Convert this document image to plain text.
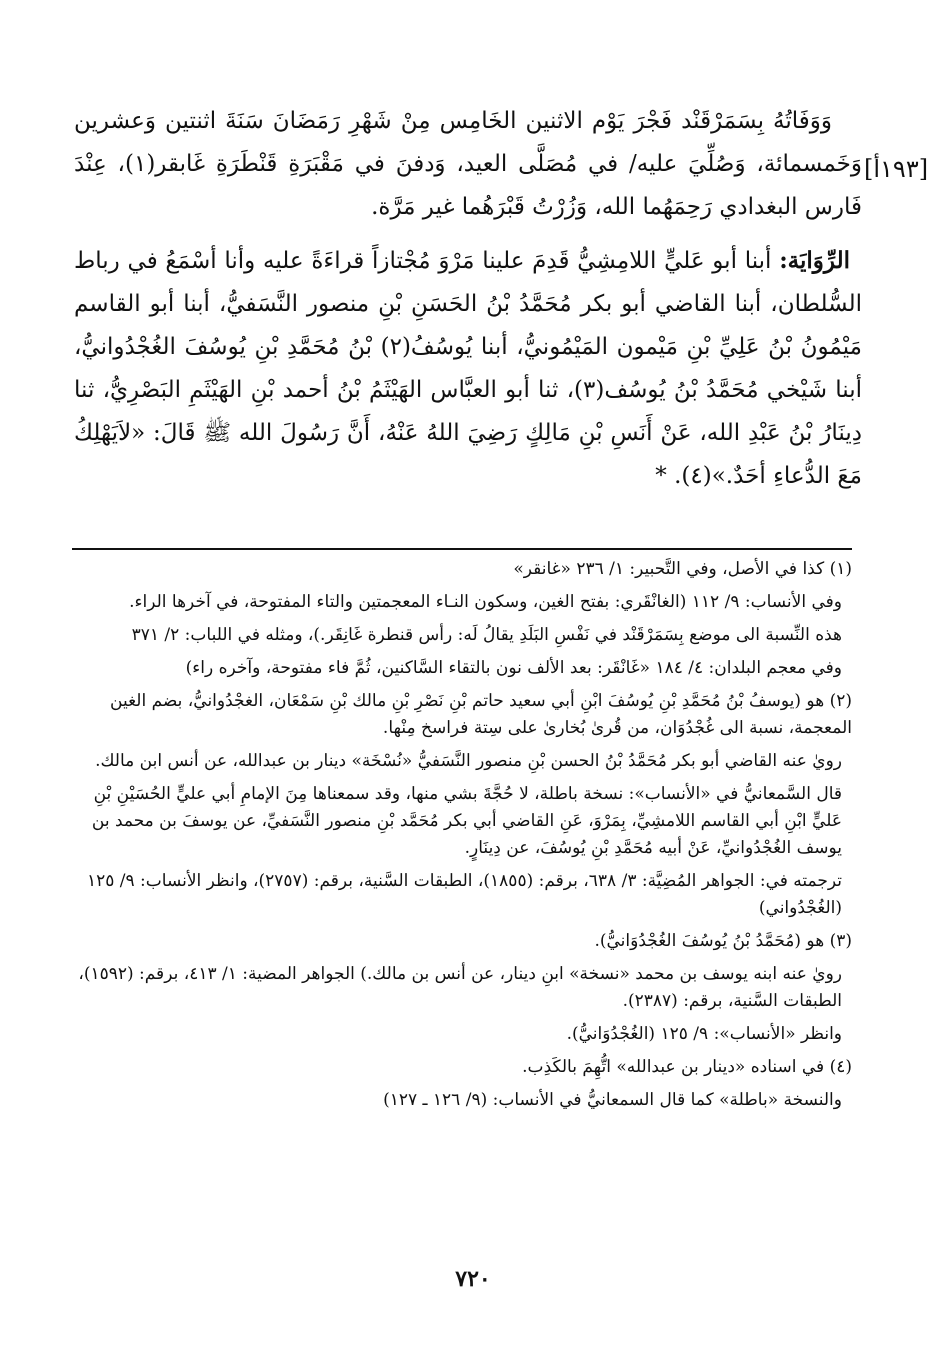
[١٩٣أ]

وَوَفَاتُهُ بِسَمَرْقَنْد فَجْرَ يَوْم الاثنين الخَامِس مِنْ شَهْرِ رَمَضَانَ سَنَةَ اثنتين وَعشرين وَخَمسمائة، وَصُلِّيَ عليه/ في مُصَلَّى العيد، وَدفنَ في مَقْبَرَةِ قَنْطَرَةِ غَابقر(١)، عِنْدَ فَارس البغدادي رَحِمَهُما الله، وَزُرْتُ قَبْرَهُما غير مَرَّة.

الرِّوَايَة: أبنا أبو عَليٍّ اللامِشِيُّ قَدِمَ علينا مَرْوَ مُجْتازاً قراءَةً عليه وأنا أسْمَعُ في رباط السُّلطان، أبنا القاضي أبو بكر مُحَمَّدُ بْنُ الحَسَنِ بْنِ منصور النَّسَفيُّ، أبنا أبو القاسم مَيْمُونُ بْنُ عَلِيِّ بْنِ مَيْمون المَيْمُونيُّ، أبنا يُوسُفُ(٢) بْنُ مُحَمَّدِ بْنِ يُوسُفَ الغُجْدُوانيُّ، أبنا شَيْخي مُحَمَّدُ بْنُ يُوسُف(٣)، ثنا أبو العبَّاس الهَيْثَمُ بْنُ أحمد بْنِ الهَيْثَمِ البَصْرِيُّ، ثنا دِينَارُ بْنُ عَبْدِ الله، عَنْ أَنَسِ بْنِ مَالِكٍ رَضِيَ اللهُ عَنْهُ، أَنَّ رَسُولَ الله ﷺ قَالَ: «لاَيَهْلِكُ مَعَ الدُّعاءِ أحَدٌ.»(٤). *

(١) كذا في الأصل، وفي التَّحبير: ١/ ٢٣٦ «غانقر»

وفي الأنساب: ٩/ ١١٢ (الغانْقَري: بفتح الغين، وسكون النـاء المعجمتين والتاء المفتوحة، في آخرها الراء.

هذه النِّسبة الى موضع بِسَمَرْقَنْد في نَفْسِ البَلَدِ يقالُ لَه: رأس قنطرة غَانِقَر.)، ومثله في اللباب: ٢/ ٣٧١

وفي معجم البلدان: ٤/ ١٨٤ «غَانْقَر: بعد الألف نون بالتقاء السَّاكنين، ثُمَّ فاء مفتوحة، وآخره راء)

(٢) هو (يوسفُ بْنُ مُحَمَّدِ بْنِ يُوسُفَ ابْنِ أبي سعيد حاتم بْنِ نَصْرِ بْنِ مالك بْنِ سَمْعَان، الغجْدُوانيُّ، بضم الغين المعجمة، نسبة الى غُجْدُوَان، من قُرىٰ بُخارىٰ على سِتة فراسخ مِنْها.

رويٰ عنه القاضي أبو بكر مُحَمَّدُ بْنُ الحسن بْنِ منصور النَّسَفيُّ «نُسْخَة» دينار بن عبدالله، عن أنس ابن مالك.

قال السَّمعانيُّ في «الأنساب»: نسخة باطلة، لا حُجَّةَ بشي منها، وقد سمعناها مِنَ الإمامِ أبي عليٍّ الحُسَيْنِ بْنِ عَليٍّ ابْنِ أبي القاسم اللامشِيِّ، بِمَرْوَ، عَنِ القاضي أبي بكر مُحَمَّد بْنِ منصور النَّسَفيِّ، عن يوسفَ بن محمد بن يوسف الغُجْدُوانيِّ، عَنْ أبيه مُحَمَّدِ بْنِ يُوسُفَ، عن دِينَارٍ.

ترجمته في: الجواهر المُضِيَّة: ٣/ ٦٣٨، برقم: (١٨٥٥)، الطبقات السَّنية، برقم: (٢٧٥٧)، وانظر الأنساب: ٩/ ١٢٥ (الغُجْدُواني)

(٣) هو (مُحَمَّدُ بْنُ يُوسُفَ الغُجْدُوَانيُّ).

رويٰ عنه ابنه يوسف بن محمد «نسخة» ابنِ دينار، عن أنس بن مالك.) الجواهر المضية: ١/ ٤١٣، برقم: (١٥٩٢)، الطبقات السَّنية، برقم: (٢٣٨٧).

وانظر «الأنساب»: ٩/ ١٢٥ (الغُجْدُوَانيُّ).

(٤) في اسناده «دينار بن عبدالله» اتُّهِمَ بالكَذِب.

والنسخة «باطلة» كما قال السمعانيُّ في الأنساب: (٩/ ١٢٦ ـ ١٢٧)

٧٢٠
